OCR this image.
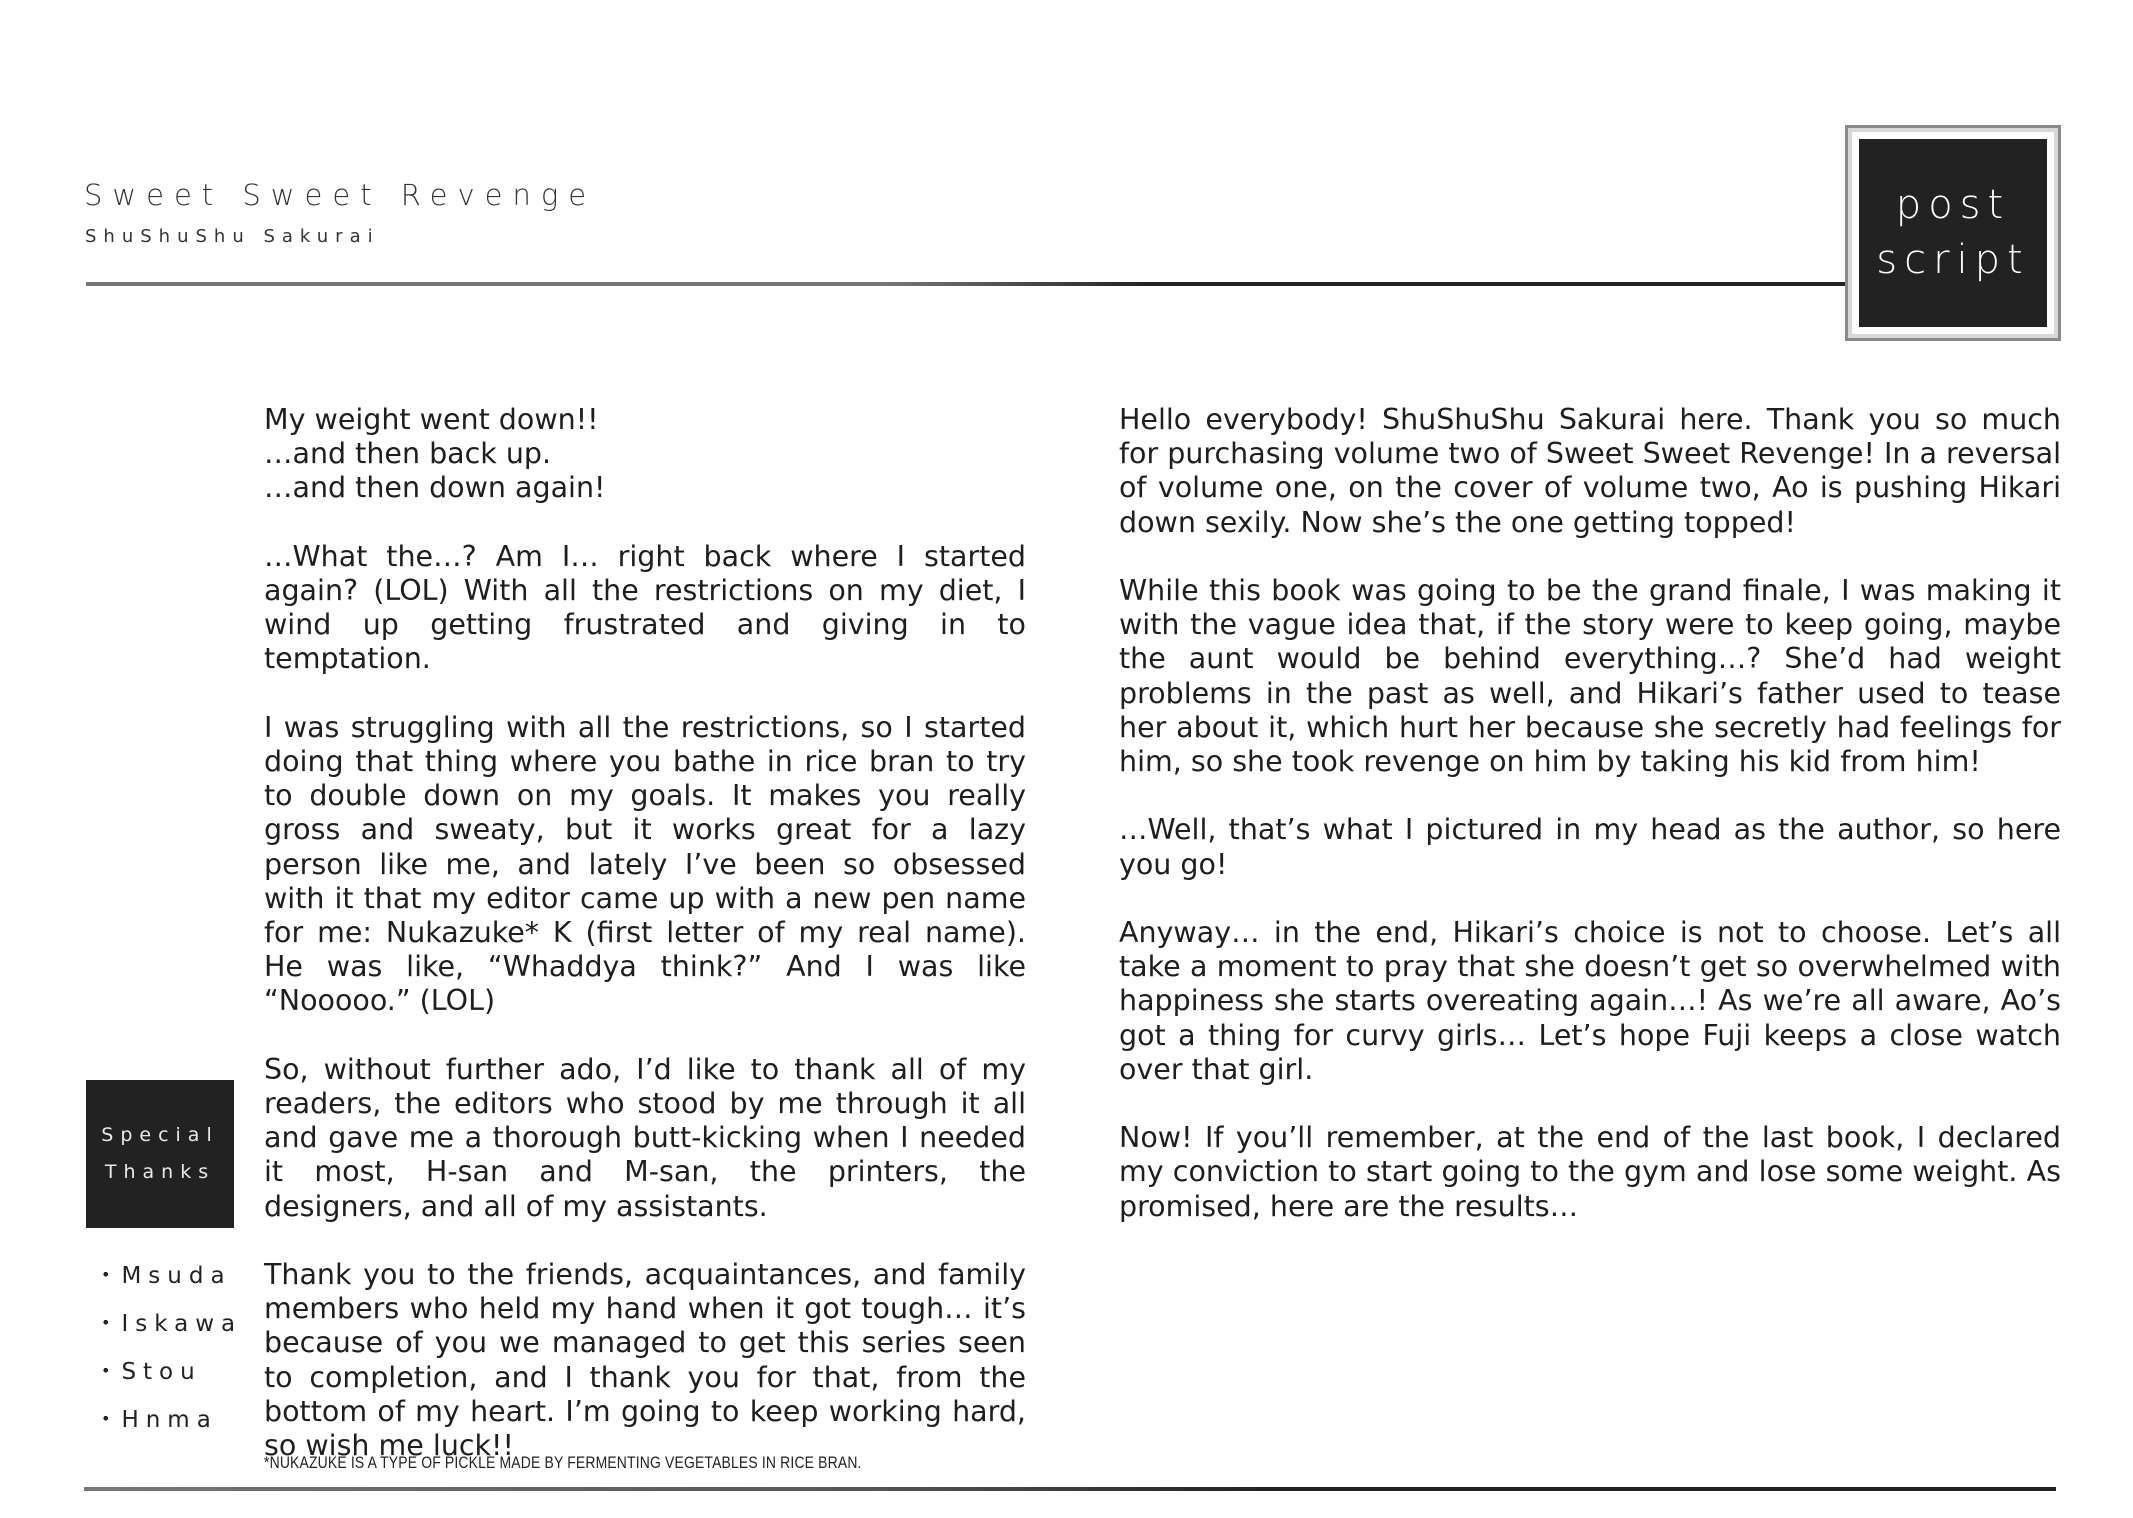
Sweet Sweet Revenge

ShuShuShu Sakurai

post
script

My weight went down!!
…and then back up.
…and then down again!

…What the…? Am I… right back where I started again? (LOL) With all the restrictions on my diet, I wind up getting frustrated and giving in to temptation.

I was struggling with all the restrictions, so I started doing that thing where you bathe in rice bran to try to double down on my goals. It makes you really gross and sweaty, but it works great for a lazy person like me, and lately I’ve been so obsessed with it that my editor came up with a new pen name for me: Nukazuke* K (first letter of my real name). He was like, “Whaddya think?” And I was like “Nooooo.” (LOL)

So, without further ado, I’d like to thank all of my readers, the editors who stood by me through it all and gave me a thorough butt-kicking when I needed it most, H-san and M-san, the printers, the designers, and all of my assistants.

Thank you to the friends, acquaintances, and family members who held my hand when it got tough… it’s because of you we managed to get this series seen to completion, and I thank you for that, from the bottom of my heart. I’m going to keep working hard, so wish me luck!!

Hello everybody! ShuShuShu Sakurai here. Thank you so much for purchasing volume two of Sweet Sweet Revenge! In a reversal of volume one, on the cover of volume two, Ao is pushing Hikari down sexily. Now she’s the one getting topped!

While this book was going to be the grand finale, I was making it with the vague idea that, if the story were to keep going, maybe the aunt would be behind everything…? She’d had weight problems in the past as well, and Hikari’s father used to tease her about it, which hurt her because she secretly had feelings for him, so she took revenge on him by taking his kid from him!

…Well, that’s what I pictured in my head as the author, so here you go!

Anyway… in the end, Hikari’s choice is not to choose. Let’s all take a moment to pray that she doesn’t get so overwhelmed with happiness she starts overeating again…! As we’re all aware, Ao’s got a thing for curvy girls… Let’s hope Fuji keeps a close watch over that girl.

Now! If you’ll remember, at the end of the last book, I declared my conviction to start going to the gym and lose some weight. As promised, here are the results…

Special
Thanks
• Msuda
• Iskawa
• Stou
• Hnma
*NUKAZUKE IS A TYPE OF PICKLE MADE BY FERMENTING VEGETABLES IN RICE BRAN.
